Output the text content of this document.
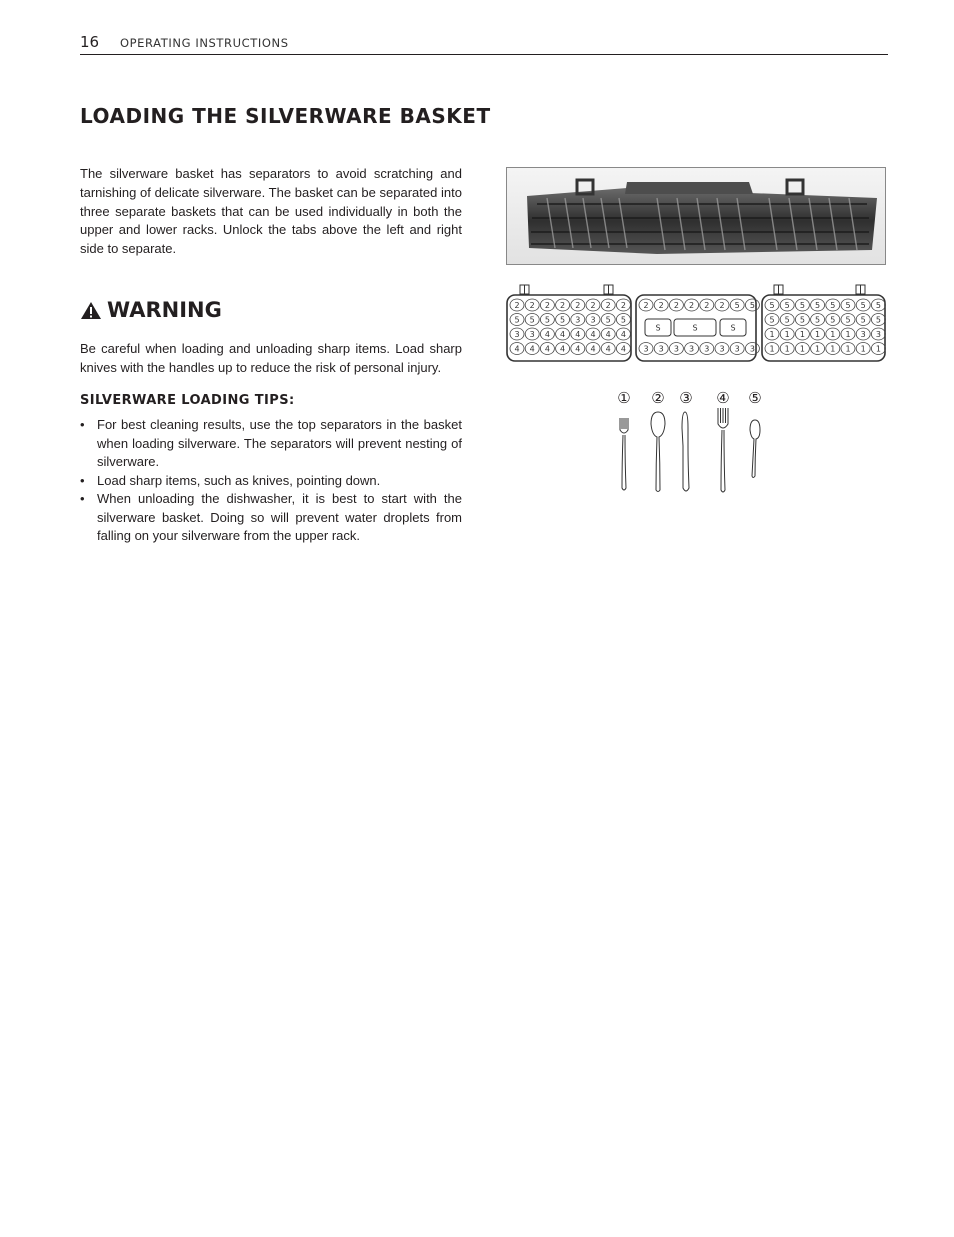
16 OPERATING INSTRUCTIONS
LOADING THE SILVERWARE BASKET

The silverware basket has separators to avoid scratching and tarnishing of delicate silverware. The basket can be separated into three separate baskets that can be used individually in both the upper and lower racks. Unlock the tabs above the left and right side to separate.

WARNING

Be careful when loading and unloading sharp items. Load sharp knives with the handles up to reduce the risk of personal injury.

SILVERWARE LOADING TIPS:
• For best cleaning results, use the top separators in the basket when loading silverware. The separators will prevent nesting of silverware.
• Load sharp items, such as knives, pointing down.
• When unloading the dishwasher, it is best to start with the silverware basket. Doing so will prevent water droplets from falling on your silverware from the upper rack.
2 2 2 2 2 2 2 2
5 5 5 5 3 3 5 5
3 3 4 4 4 4 4 4
4 4 4 4 4 4 4 4
2 2 2 2 2 2 5 5
3 3 3 3 3 3 3 3
S	S	S
5 5 5 5 5 5 5 5
5 5 5 5 5 5 5 5
1 1 1 1 1 1 3 3
1 1 1 1 1 1 1 1
① ② ③ ④ ⑤
